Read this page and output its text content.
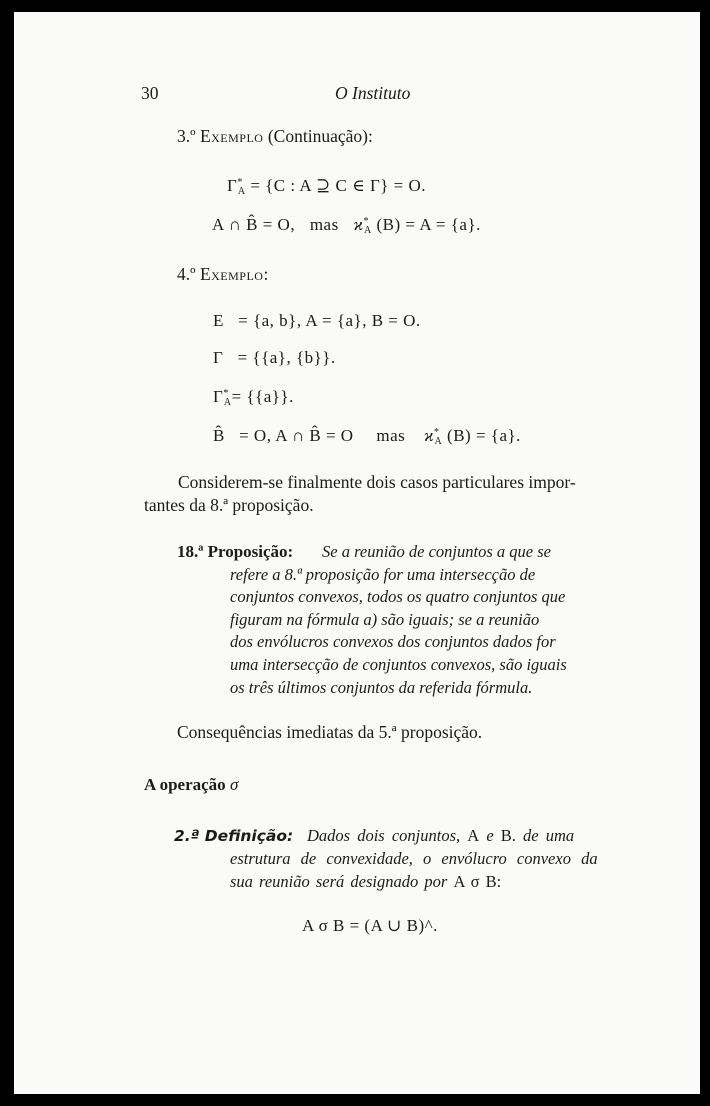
30	O Instituto
3.º Exemplo (Continuação):
$\Gamma^*_A = \{C$ : A ⊇ C ∈ Γ} = O.
A ∩ B̂ = O, mas $ϰ^*_A$ (B) = A = {a}.
4.º Exemplo:
E   = {a, b}, A = {a}, B = O.
Γ   = {{a}, {b}}.
$\Gamma^*_A= \{\{a\}\}$.
B̂   = O, A ∩ B̂ = O mas $ϰ^*_A$ (B) = {a}.
Considerem-se finalmente dois casos particulares impor-
tantes da 8.ª proposição.
18.ª Proposição:	Se a reunião de conjuntos a que se
refere a 8.ª proposição for uma intersecção de
conjuntos convexos, todos os quatro conjuntos que
figuram na fórmula a) são iguais; se a reunião
dos envólucros convexos dos conjuntos dados for
uma intersecção de conjuntos convexos, são iguais
os três últimos conjuntos da referida fórmula.
Consequências imediatas da 5.ª proposição.
A operação σ
2.ª Definição: Dados dois conjuntos, A e B. de uma
estrutura de convexidade, o envólucro convexo da
sua reunião será designado por A σ B:
A σ B = (A ∪ B)^.
